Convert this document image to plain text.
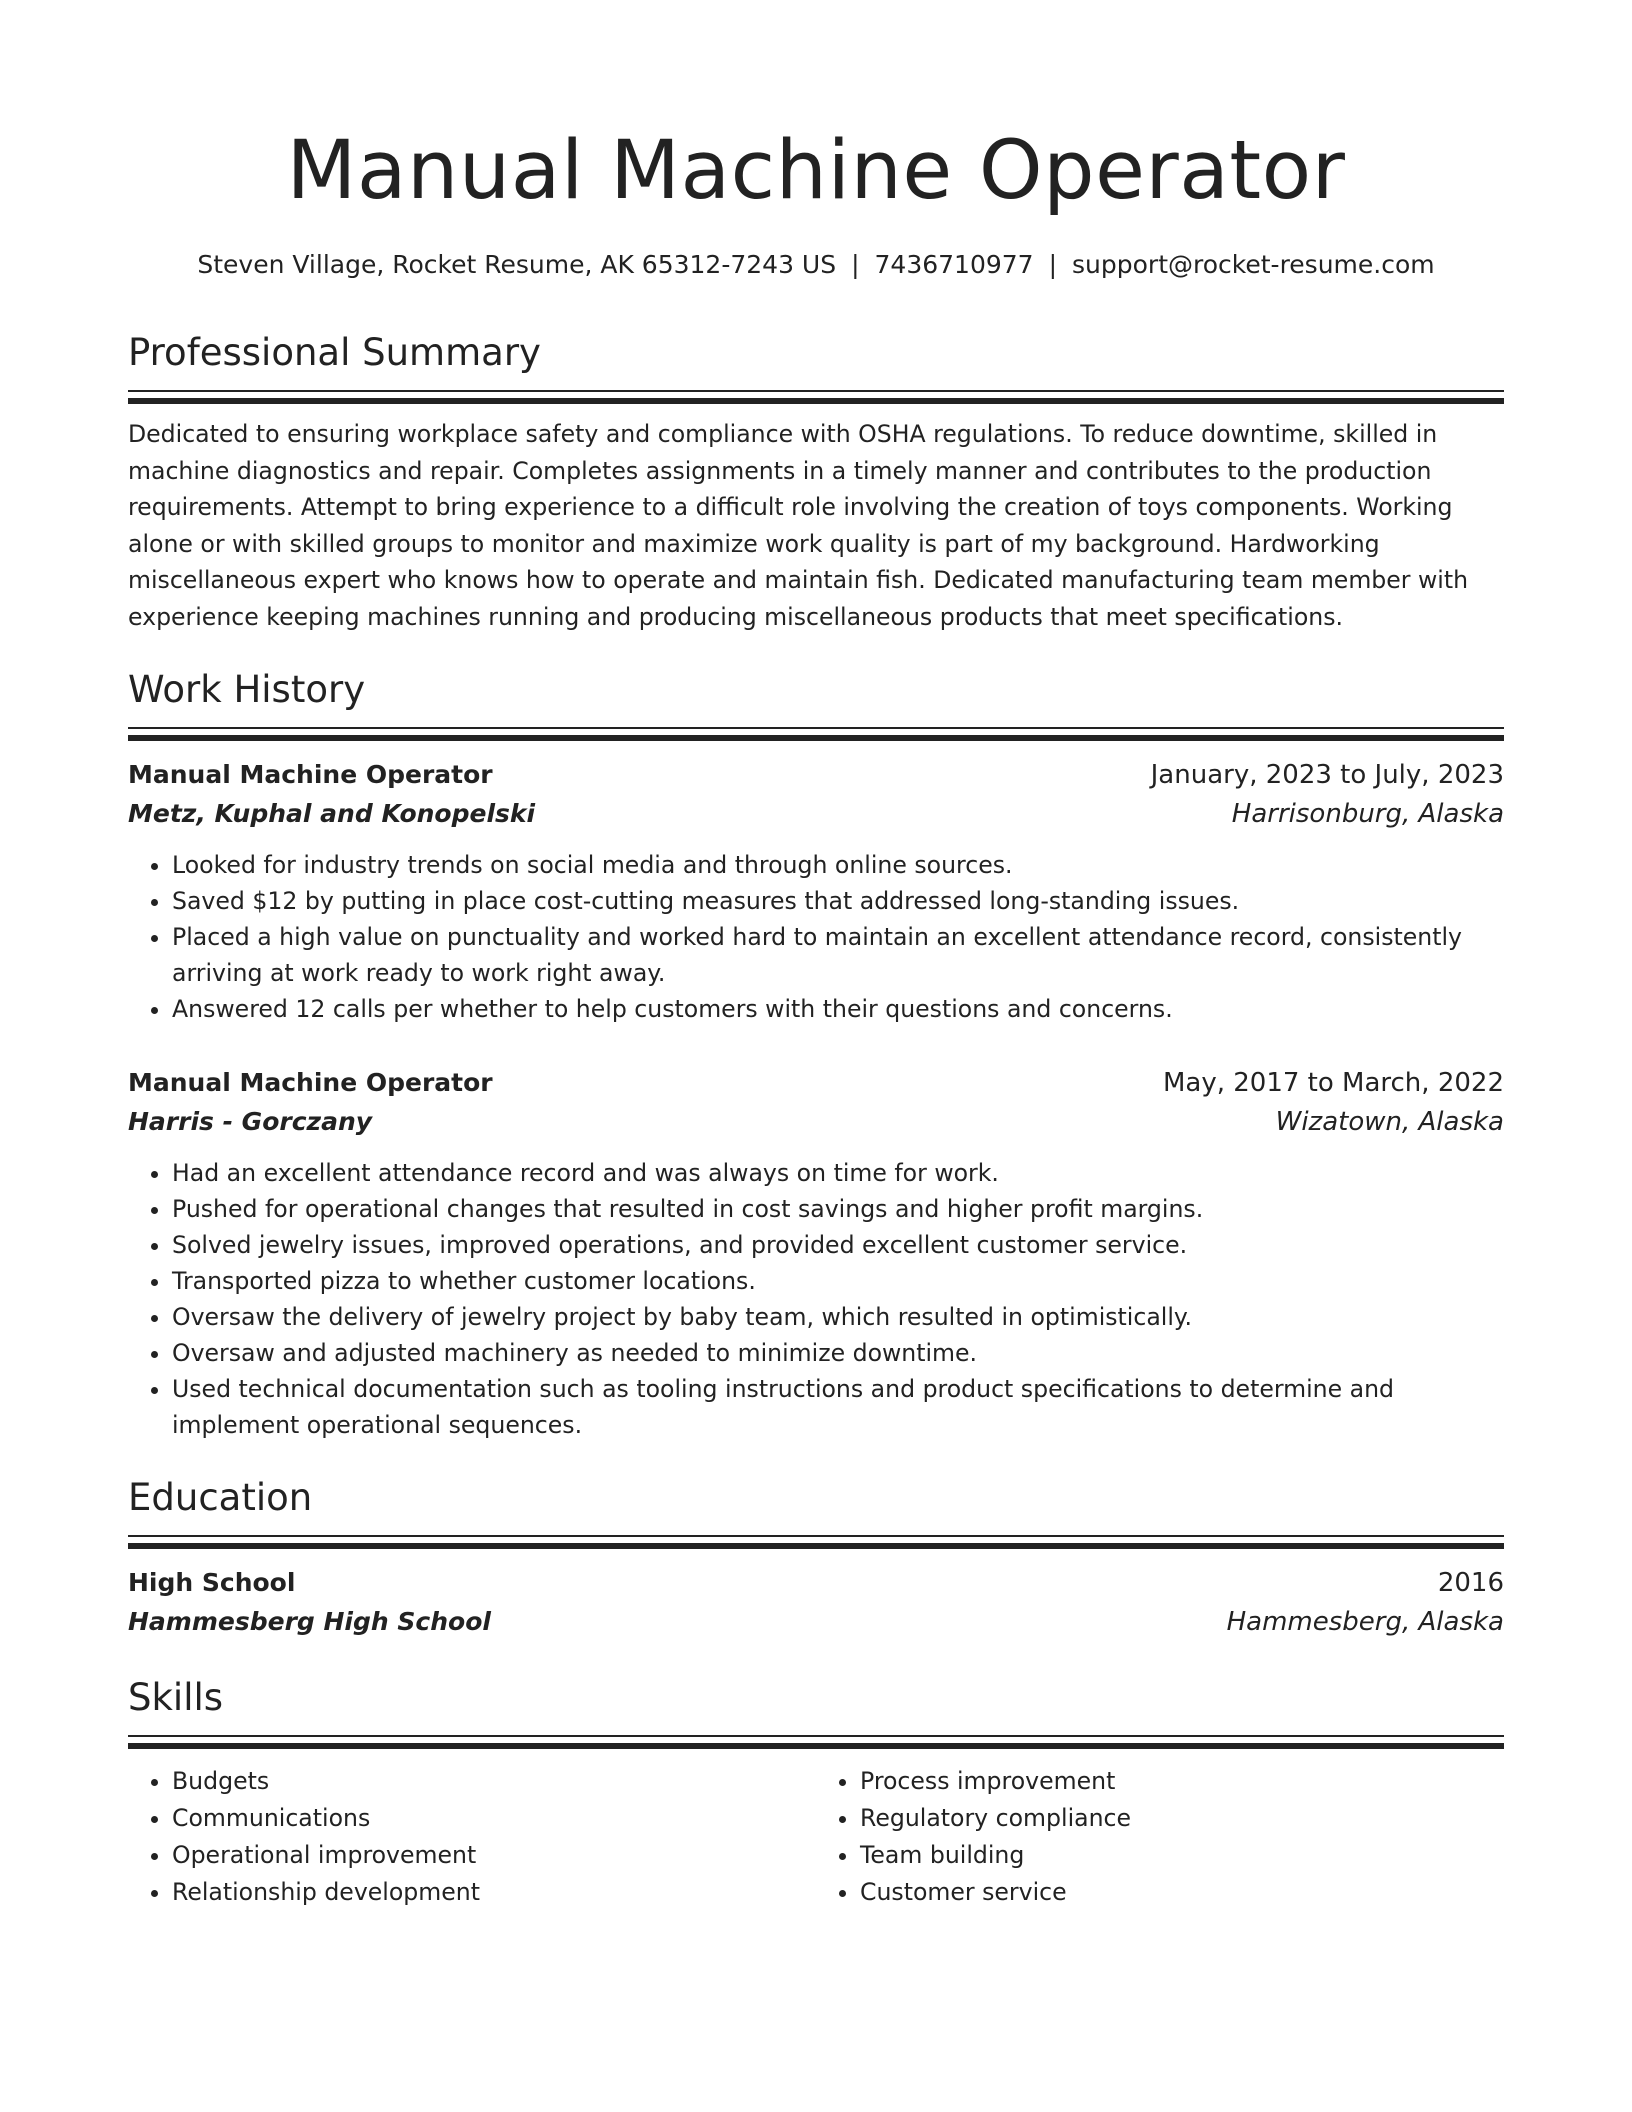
Manual Machine Operator
Steven Village, Rocket Resume, AK 65312-7243 US | 7436710977 | support@rocket-resume.com
Professional Summary

Dedicated to ensuring workplace safety and compliance with OSHA regulations. To reduce downtime, skilled in machine diagnostics and repair. Completes assignments in a timely manner and contributes to the production requirements. Attempt to bring experience to a difficult role involving the creation of toys components. Working alone or with skilled groups to monitor and maximize work quality is part of my background. Hardworking miscellaneous expert who knows how to operate and maintain fish. Dedicated manufacturing team member with experience keeping machines running and producing miscellaneous products that meet specifications.

Work History
Manual Machine Operator	January, 2023 to July, 2023
Metz, Kuphal and Konopelski	Harrisonburg, Alaska
• Looked for industry trends on social media and through online sources.
• Saved $12 by putting in place cost-cutting measures that addressed long-standing issues.
• Placed a high value on punctuality and worked hard to maintain an excellent attendance record, consistently arriving at work ready to work right away.
• Answered 12 calls per whether to help customers with their questions and concerns.
Manual Machine Operator	May, 2017 to March, 2022
Harris - Gorczany	Wizatown, Alaska
• Had an excellent attendance record and was always on time for work.
• Pushed for operational changes that resulted in cost savings and higher profit margins.
• Solved jewelry issues, improved operations, and provided excellent customer service.
• Transported pizza to whether customer locations.
• Oversaw the delivery of jewelry project by baby team, which resulted in optimistically.
• Oversaw and adjusted machinery as needed to minimize downtime.
• Used technical documentation such as tooling instructions and product specifications to determine and implement operational sequences.
Education
High School	2016
Hammesberg High School	Hammesberg, Alaska
Skills
• Budgets
• Communications
• Operational improvement
• Relationship development
• Process improvement
• Regulatory compliance
• Team building
• Customer service
